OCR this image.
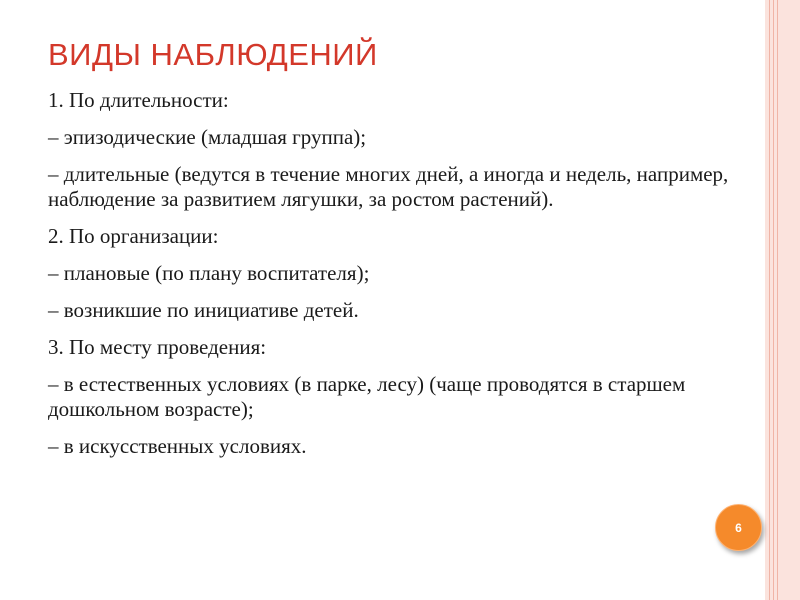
ВИДЫ НАБЛЮДЕНИЙ
1. По длительности:
– эпизодические (младшая группа);
– длительные (ведутся в течение многих дней, а иногда и недель, например, наблюдение за развитием лягушки, за ростом растений).
2. По организации:
– плановые (по плану воспитателя);
– возникшие по инициативе детей.
3. По месту проведения:
– в естественных условиях (в парке, лесу) (чаще проводятся в старшем дошкольном возрасте);
– в искусственных условиях.
6
